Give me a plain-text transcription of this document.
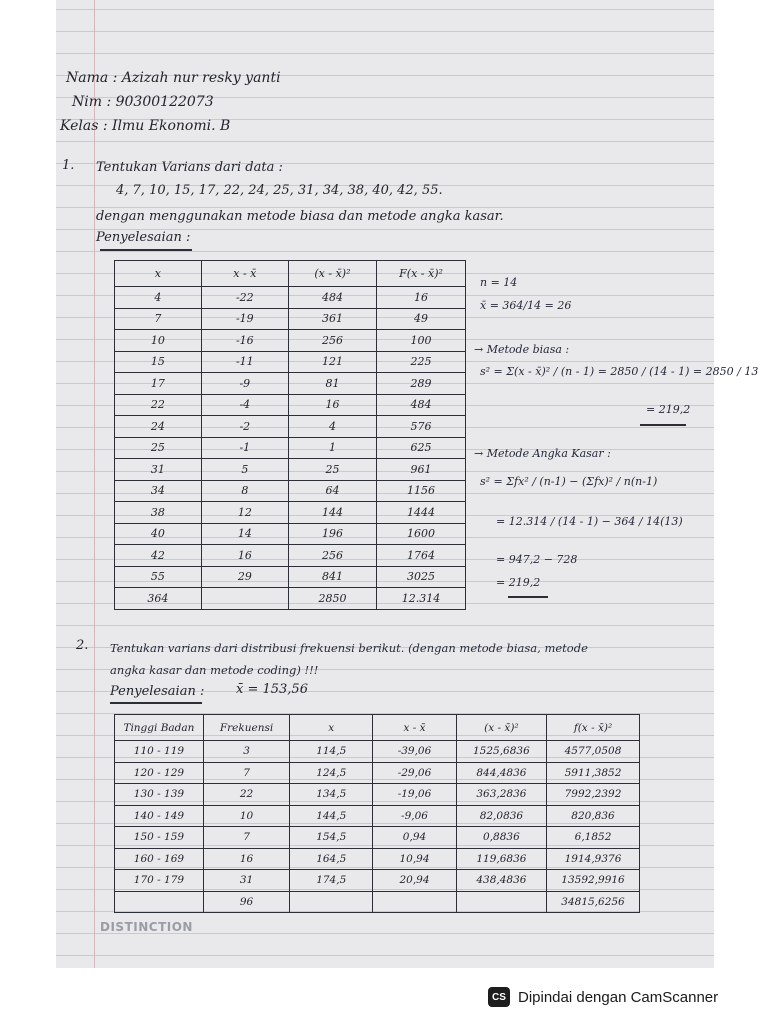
Nama : Azizah nur resky yanti
Nim : 90300122073
Kelas : Ilmu Ekonomi. B
1. Tentukan Varians dari data :
4, 7, 10, 15, 17, 22, 24, 25, 31, 34, 38, 40, 42, 55.
dengan menggunakan metode biasa dan metode angka kasar.
Penyelesaian :
x	x - x̄	(x - x̄)²	F(x - x̄)²
4	-22	484	16
7	-19	361	49
10	-16	256	100
15	-11	121	225
17	-9	81	289
22	-4	16	484
24	-2	4	576
25	-1	1	625
31	5	25	961
34	8	64	1156
38	12	144	1444
40	14	196	1600
42	16	256	1764
55	29	841	3025
364		2850	12.314
n = 14
x̄ = 364/14 = 26
→ Metode biasa :
s² = Σ(x - x̄)² / (n - 1) = 2850 / (14 - 1) = 2850 / 13
= 219,2
→ Metode Angka Kasar :
s² = Σfx² / (n-1) − (Σfx)² / n(n-1)
= 12.314 / (14 - 1) − 364 / 14(13)
= 947,2 − 728
= 219,2
2. Tentukan varians dari distribusi frekuensi berikut. (dengan metode biasa, metode
angka kasar dan metode coding) !!!
Penyelesaian : x̄ = 153,56
Tinggi Badan	Frekuensi	x	x - x̄	(x - x̄)²	f(x - x̄)²
110 - 119	3	114,5	-39,06	1525,6836	4577,0508
120 - 129	7	124,5	-29,06	844,4836	5911,3852
130 - 139	22	134,5	-19,06	363,2836	7992,2392
140 - 149	10	144,5	-9,06	82,0836	820,836
150 - 159	7	154,5	0,94	0,8836	6,1852
160 - 169	16	164,5	10,94	119,6836	1914,9376
170 - 179	31	174,5	20,94	438,4836	13592,9916
	96				34815,6256
DISTINCTION
CS Dipindai dengan CamScanner
